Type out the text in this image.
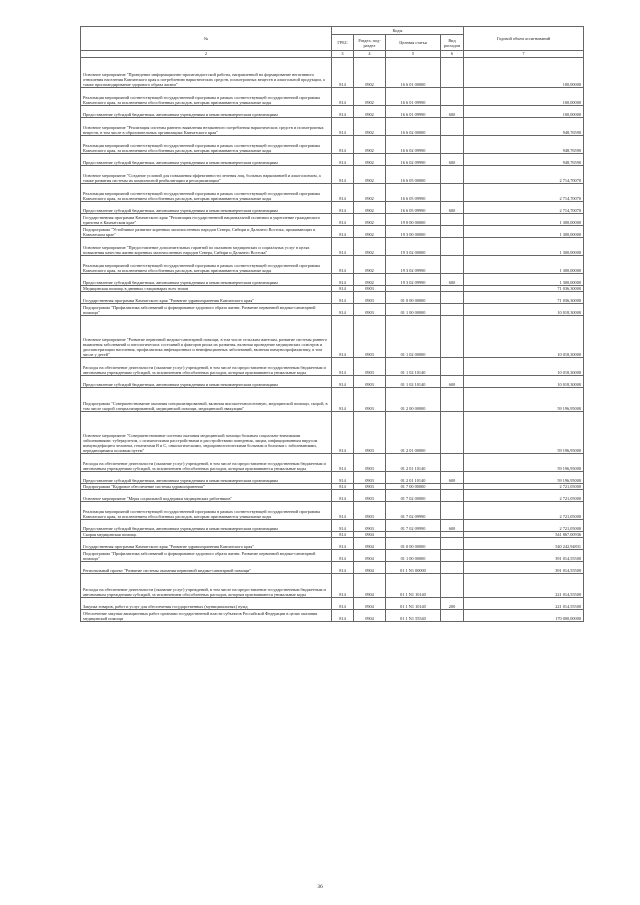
№	Коды				Годовой объем ассигнований
	ГРБС	Раздел, под-раздел	Целевая статья	Вид расходов	
2	3	4	5	6	7
Основное мероприятие "Проведение информационно-пропагандистской работы, направленной на формирование негативного отношения населения Камчатского края к потреблению наркотических средств, психотропных веществ и алкогольной продукции, а также пропагандирование здорового образа жизни"	814	0902	16 6 01 00000		100,00000
Реализация мероприятий соответствующей государственной программы в рамках соответствующей государственной программы Камчатского края, за исключением обособленных расходов, которым присваиваются уникальные коды	814	0902	16 6 01 09990		100,00000
Предоставление субсидий бюджетным, автономным учреждениям и иным некоммерческим организациям	814	0902	16 6 01 09990	600	100,00000
Основное мероприятие "Реализация системы раннего выявления незаконного потребления наркотических средств и психотропных веществ, в том числе в образовательных организациях Камчатского края"	814	0902	16 6 02 00000		948,76590
Реализация мероприятий соответствующей государственной программы в рамках соответствующей государственной программы Камчатского края, за исключением обособленных расходов, которым присваиваются уникальные коды	814	0902	16 6 02 09990		948,76590
Предоставление субсидий бюджетным, автономным учреждениям и иным некоммерческим организациям	814	0902	16 6 02 09990	600	948,76590
Основное мероприятие "Создание условий для повышения эффективности лечения лиц, больных наркоманией и алкоголизмом, а также развития системы их комплексной реабилитации и ресоциализации"	814	0902	16 6 05 00000		2 714,70070
Реализация мероприятий соответствующей государственной программы в рамках соответствующей государственной программы Камчатского края, за исключением обособленных расходов, которым присваиваются уникальные коды	814	0902	16 6 05 09990		2 714,70070
Предоставление субсидий бюджетным, автономным учреждениям и иным некоммерческим организациям	814	0902	16 6 05 09990	600	2 714,70070
Государственная программа Камчатского края "Реализация государственной национальной политики и укрепление гражданского единства в Камчатском крае"	814	0902	19 0 00 00000		1 300,00000
Подпрограмма "Устойчивое развитие коренных малочисленных народов Севера, Сибири и Дальнего Востока, проживающих в Камчатском крае"	814	0902	19 3 00 00000		1 300,00000
Основное мероприятие "Предоставление дополнительных гарантий по оказанию медицинских и социальных услуг в целях повышения качества жизни коренных малочисленных народов Севера, Сибири и Дальнего Востока"	814	0902	19 3 02 00000		1 300,00000
Реализация мероприятий соответствующей государственной программы в рамках соответствующей государственной программы Камчатского края, за исключением обособленных расходов, которым присваиваются уникальные коды	814	0902	19 3 02 09990		1 300,00000
Предоставление субсидий бюджетным, автономным учреждениям и иным некоммерческим организациям	814	0902	19 3 02 09990	600	1 300,00000
Медицинская помощь в дневных стационарах всех типов	814	0903			71 036,30000
Государственная программа Камчатского края "Развитие здравоохранения Камчатского края"	814	0903	01 0 00 00000		71 036,30000
Подпрограмма "Профилактика заболеваний и формирование здорового образа жизни. Развитие первичной медико-санитарной помощи"	814	0903	01 1 00 00000		10 018,30000
Основное мероприятие "Развитие первичной медико-санитарной помощи, в том числе сельским жителям, развитие системы раннего выявления заболеваний и патологических состояний и факторов риска их развития, включая проведение медицинских осмотров и диспансеризации населения, профилактика инфекционных и неинфекционных заболеваний, включая иммунопрофилактику, в том числе у детей"	814	0903	01 1 02 00000		10 018,30000
Расходы на обеспечение деятельности (оказание услуг) учреждений, в том числе на предоставление государственным бюджетным и автономным учреждениям субсидий, за исключением обособленных расходов, которым присваиваются уникальные коды	814	0903	01 1 02 10140		10 018,30000
Предоставление субсидий бюджетным, автономным учреждениям и иным некоммерческим организациям	814	0903	01 1 02 10140	600	10 018,30000
Подпрограмма "Совершенствование оказания специализированной, включая высокотехнологичную, медицинской помощи, скорой, в том числе скорой специализированной, медицинской помощи, медицинской эвакуации"	814	0903	01 2 00 00000		59 196,95000
Основное мероприятие "Совершенствование системы оказания медицинской помощи больным социально-значимыми заболеваниями: туберкулезом, с психическими расстройствами и расстройствами поведения, лицам, инфицированным вирусом иммунодефицита человека, гепатитами B и C, онкологическими, эндокринологическими больным и больным с заболеваниями, передающимися половым путем"	814	0903	01 2 01 00000		59 196,95000
Расходы на обеспечение деятельности (оказание услуг) учреждений, в том числе на предоставление государственным бюджетным и автономным учреждениям субсидий, за исключением обособленных расходов, которым присваиваются уникальные коды	814	0903	01 2 01 10140		59 196,95000
Предоставление субсидий бюджетным, автономным учреждениям и иным некоммерческим организациям	814	0903	01 2 01 10140	600	59 196,95000
Подпрограмма "Кадровое обеспечение системы здравоохранения"	814	0903	01 7 00 00000		2 721,05000
Основное мероприятие "Меры социальной поддержки медицинских работников"	814	0903	01 7 02 00000		2 721,05000
Реализация мероприятий соответствующей государственной программы в рамках соответствующей государственной программы Камчатского края, за исключением обособленных расходов, которым присваиваются уникальные коды	814	0903	01 7 02 09990		2 721,05000
Предоставление субсидий бюджетным, автономным учреждениям и иным некоммерческим организациям	814	0903	01 7 02 09990	600	2 721,05000
Скорая медицинская помощь	814	0904			541 867,00936
Государственная программа Камчатского края "Развитие здравоохранения Камчатского края"	814	0904	01 0 00 00000		540 242,94831
Подпрограмма "Профилактика заболеваний и формирование здорового образа жизни. Развитие первичной медико-санитарной помощи"	814	0904	01 1 00 00000		391 014,55500
Региональный проект "Развитие системы оказания первичной медико-санитарной помощи"	814	0904	01 1 N1 00000		391 014,55500
Расходы на обеспечение деятельности (оказание услуг) учреждений, в том числе на предоставление государственным бюджетным и автономным учреждениям субсидий, за исключением обособленных расходов, которым присваиваются уникальные коды	814	0904	01 1 N1 10140		221 014,55500
Закупка товаров, работ и услуг для обеспечения государственных (муниципальных) нужд	814	0904	01 1 N1 10140	200	221 014,55500
Обеспечение закупки авиационных работ органами государственной власти субъектов Российской Федерации в целях оказания медицинской помощи	814	0904	01 1 N1 55540		170 000,00000
36
